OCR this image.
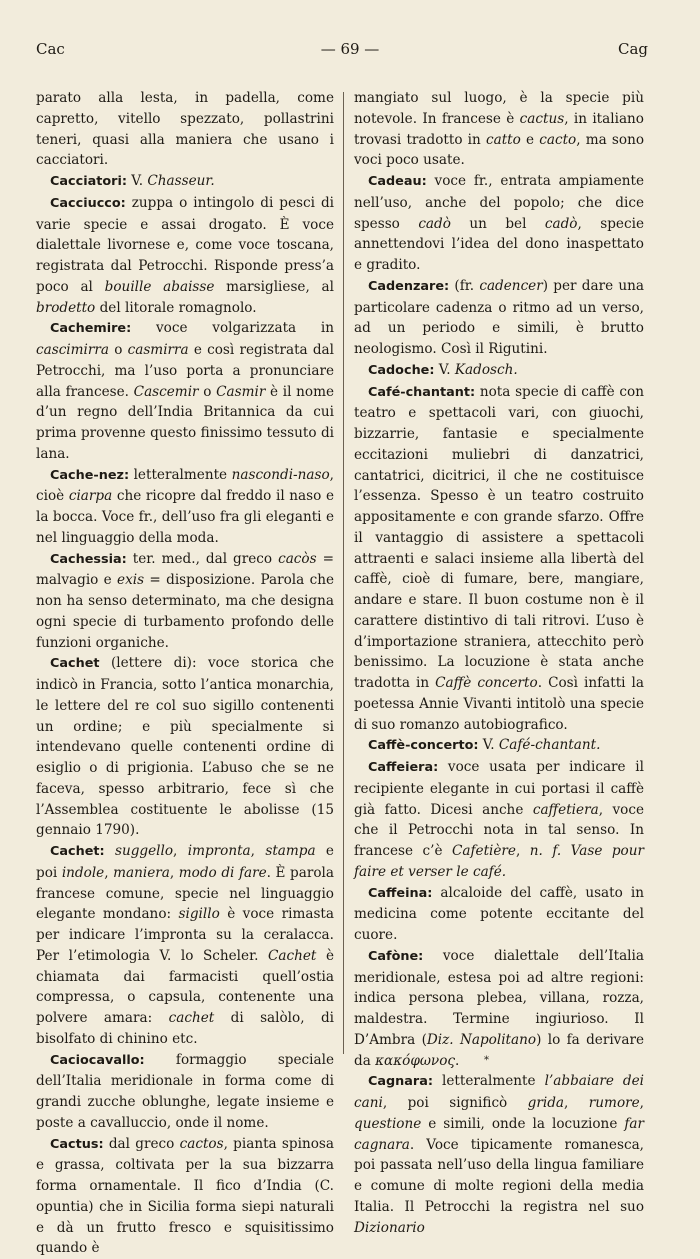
Cac	— 69 —	Cag

parato alla lesta, in padella, come capretto, vitello spezzato, pollastrini teneri, quasi alla maniera che usano i cacciatori.

Cacciatori: V. Chasseur.

Cacciucco: zuppa o intingolo di pesci di varie specie e assai drogato. È voce dialettale livornese e, come voce toscana, registrata dal Petrocchi. Risponde press’a poco al bouille abaisse marsigliese, al brodetto del litorale romagnolo.

Cachemire: voce volgarizzata in cascimirra o casmirra e così registrata dal Petrocchi, ma l’uso porta a pronunciare alla francese. Cascemir o Casmir è il nome d’un regno dell’India Britannica da cui prima provenne questo finissimo tessuto di lana.

Cache-nez: letteralmente nascondi-naso, cioè ciarpa che ricopre dal freddo il naso e la bocca. Voce fr., dell’uso fra gli eleganti e nel linguaggio della moda.

Cachessia: ter. med., dal greco cacòs = malvagio e exis = disposizione. Parola che non ha senso determinato, ma che designa ogni specie di turbamento profondo delle funzioni organiche.

Cachet (lettere di): voce storica che indicò in Francia, sotto l’antica monarchia, le lettere del re col suo sigillo contenenti un ordine; e più specialmente si intendevano quelle contenenti ordine di esiglio o di prigionia. L’abuso che se ne faceva, spesso arbitrario, fece sì che l’Assemblea costituente le abolisse (15 gennaio 1790).

Cachet: suggello, impronta, stampa e poi indole, maniera, modo di fare. È parola francese comune, specie nel linguaggio elegante mondano: sigillo è voce rimasta per indicare l’impronta su la ceralacca. Per l’etimologia V. lo Scheler. Cachet è chiamata dai farmacisti quell’ostia compressa, o capsula, contenente una polvere amara: cachet di salòlo, di bisolfato di chinino etc.

Caciocavallo: formaggio speciale dell’Italia meridionale in forma come di grandi zucche oblunghe, legate insieme e poste a cavalluccio, onde il nome.

Cactus: dal greco cactos, pianta spinosa e grassa, coltivata per la sua bizzarra forma ornamentale. Il fico d’India (C. opuntia) che in Sicilia forma siepi naturali e dà un frutto fresco e squisitissimo quando è

mangiato sul luogo, è la specie più notevole. In francese è cactus, in italiano trovasi tradotto in catto e cacto, ma sono voci poco usate.

Cadeau: voce fr., entrata ampiamente nell’uso, anche del popolo; che dice spesso cadò un bel cadò, specie annettendovi l’idea del dono inaspettato e gradito.

Cadenzare: (fr. cadencer) per dare una particolare cadenza o ritmo ad un verso, ad un periodo e simili, è brutto neologismo. Così il Rigutini.

Cadoche: V. Kadosch.

Café-chantant: nota specie di caffè con teatro e spettacoli vari, con giuochi, bizzarrie, fantasie e specialmente eccitazioni muliebri di danzatrici, cantatrici, dicitrici, il che ne costituisce l’essenza. Spesso è un teatro costruito appositamente e con grande sfarzo. Offre il vantaggio di assistere a spettacoli attraenti e salaci insieme alla libertà del caffè, cioè di fumare, bere, mangiare, andare e stare. Il buon costume non è il carattere distintivo di tali ritrovi. L’uso è d’importazione straniera, attecchito però benissimo. La locuzione è stata anche tradotta in Caffè concerto. Così infatti la poetessa Annie Vivanti intitolò una specie di suo romanzo autobiografico.

Caffè-concerto: V. Café-chantant.

Caffeiera: voce usata per indicare il recipiente elegante in cui portasi il caffè già fatto. Dicesi anche caffetiera, voce che il Petrocchi nota in tal senso. In francese c’è Cafetière, n. f. Vase pour faire et verser le café.

Caffeina: alcaloide del caffè, usato in medicina come potente eccitante del cuore.

Cafòne: voce dialettale dell’Italia meridionale, estesa poi ad altre regioni: indica persona plebea, villana, rozza, maldestra. Termine ingiurioso. Il D’Ambra (Diz. Napolitano) lo fa derivare da κακόφωνος.

Cagnara: letteralmente l’abbaiare dei cani, poi significò grida, rumore, questione e simili, onde la locuzione far cagnara. Voce tipicamente romanesca, poi passata nell’uso della lingua familiare e comune di molte regioni della media Italia. Il Petrocchi la registra nel suo Dizionario

*
